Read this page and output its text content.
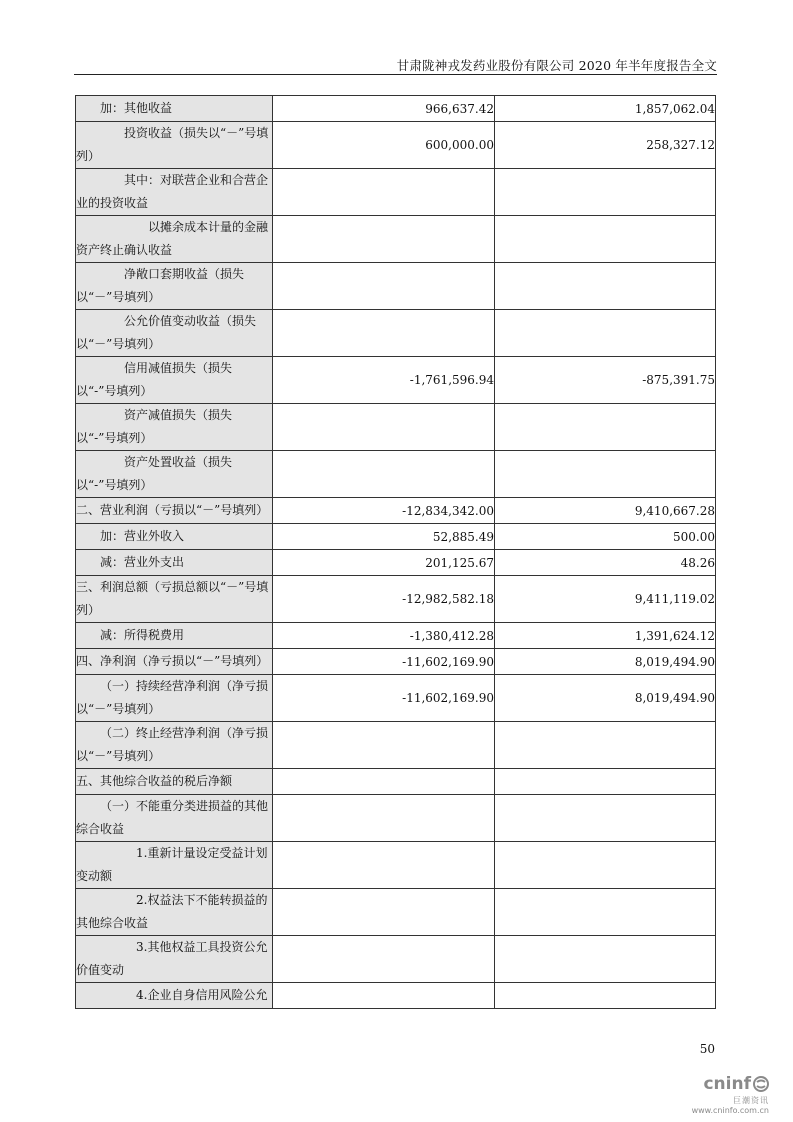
甘肃陇神戎发药业股份有限公司 2020 年半年度报告全文
加：其他收益	966,637.42	1,857,062.04
投资收益（损失以“－”号填列）	600,000.00	258,327.12
其中：对联营企业和合营企业的投资收益		
以摊余成本计量的金融资产终止确认收益		
净敞口套期收益（损失以“－”号填列）		
公允价值变动收益（损失以“－”号填列）		
信用减值损失（损失以“-”号填列）	-1,761,596.94	-875,391.75
资产减值损失（损失以“-”号填列）		
资产处置收益（损失以“-”号填列）		
二、营业利润（亏损以“－”号填列）	-12,834,342.00	9,410,667.28
加：营业外收入	52,885.49	500.00
减：营业外支出	201,125.67	48.26
三、利润总额（亏损总额以“－”号填列）	-12,982,582.18	9,411,119.02
减：所得税费用	-1,380,412.28	1,391,624.12
四、净利润（净亏损以“－”号填列）	-11,602,169.90	8,019,494.90
（一）持续经营净利润（净亏损以“－”号填列）	-11,602,169.90	8,019,494.90
（二）终止经营净利润（净亏损以“－”号填列）		
五、其他综合收益的税后净额		
（一）不能重分类进损益的其他综合收益		
1.重新计量设定受益计划变动额		
2.权益法下不能转损益的其他综合收益		
3.其他权益工具投资公允价值变动		
4.企业自身信用风险公允		
50
cninf
巨潮资讯
www.cninfo.com.cn
